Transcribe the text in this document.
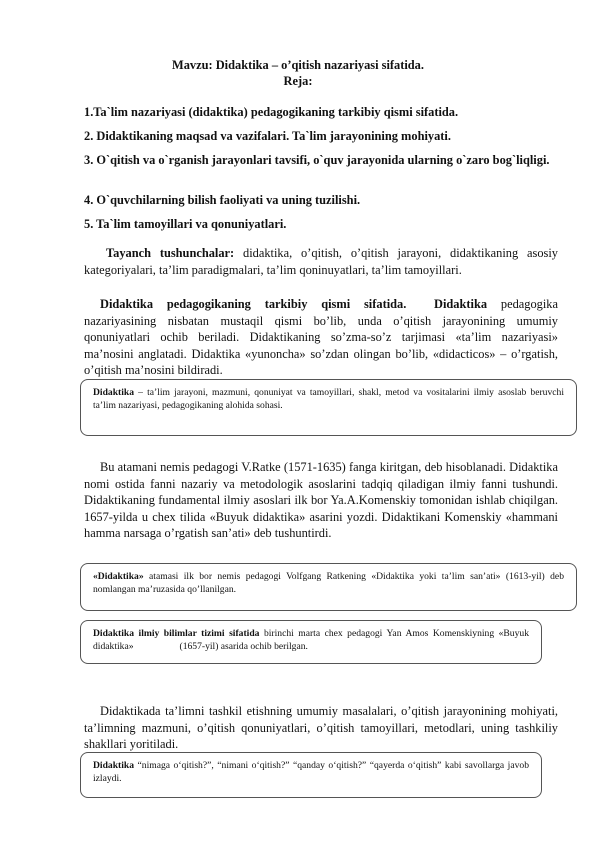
Mavzu: Didaktika – o’qitish nazariyasi sifatida.
Reja:
1.Ta`lim nazariyasi (didaktika) pedagogikaning tarkibiy qismi sifatida.
2. Didaktikaning maqsad va vazifalari. Ta`lim jarayonining mohiyati.
3. O`qitish va o`rganish jarayonlari tavsifi, o`quv jarayonida ularning o`zaro bog`liqligi.
4. O`quvchilarning bilish faoliyati va uning tuzilishi.
5. Ta`lim tamoyillari va qonuniyatlari.
Tayanch tushunchalar: didaktika, o’qitish, o’qitish jarayoni, didaktikaning asosiy kategoriyalari, ta’lim paradigmalari, ta’lim qoninuyatlari, ta’lim tamoyillari.
Didaktika pedagogikaning tarkibiy qismi sifatida. Didaktika pedagogika nazariyasining nisbatan mustaqil qismi bo’lib, unda o’qitish jarayonining umumiy qonuniyatlari ochib beriladi. Didaktikaning so’zma-so’z tarjimasi «ta’lim nazariyasi» ma’nosini anglatadi. Didaktika «yunoncha» so’zdan olingan bo’lib, «didacticos» – o’rgatish, o’qitish ma’nosini bildiradi.
Didaktika – ta’lim jarayoni, mazmuni, qonuniyat va tamoyillari, shakl, metod va vositalarini ilmiy asoslab beruvchi ta’lim nazariyasi, pedagogikaning alohida sohasi.
Bu atamani nemis pedagogi V.Ratke (1571-1635) fanga kiritgan, deb hisoblanadi. Didaktika nomi ostida fanni nazariy va metodologik asoslarini tadqiq qiladigan ilmiy fanni tushundi. Didaktikaning fundamental ilmiy asoslari ilk bor Ya.A.Komenskiy tomonidan ishlab chiqilgan. 1657-yilda u chex tilida «Buyuk didaktika» asarini yozdi. Didaktikani Komenskiy «hammani hamma narsaga o’rgatish san’ati» deb tushuntirdi.
«Didaktika» atamasi ilk bor nemis pedagogi Volfgang Ratkening «Didaktika yoki ta’lim san’ati» (1613-yil) deb nomlangan ma’ruzasida qo’llanilgan.
Didaktika ilmiy bilimlar tizimi sifatida birinchi marta chex pedagogi Yan Amos Komenskiyning «Buyuk didaktika»	(1657-yil) asarida ochib berilgan.
Didaktikada ta’limni tashkil etishning umumiy masalalari, o’qitish jarayonining mohiyati, ta’limning mazmuni, o’qitish qonuniyatlari, o’qitish tamoyillari, metodlari, uning tashkiliy shakllari yoritiladi.
Didaktika “nimaga o‘qitish?”, “nimani o‘qitish?” “qanday o‘qitish?” “qayerda o‘qitish” kabi savollarga javob izlaydi.
